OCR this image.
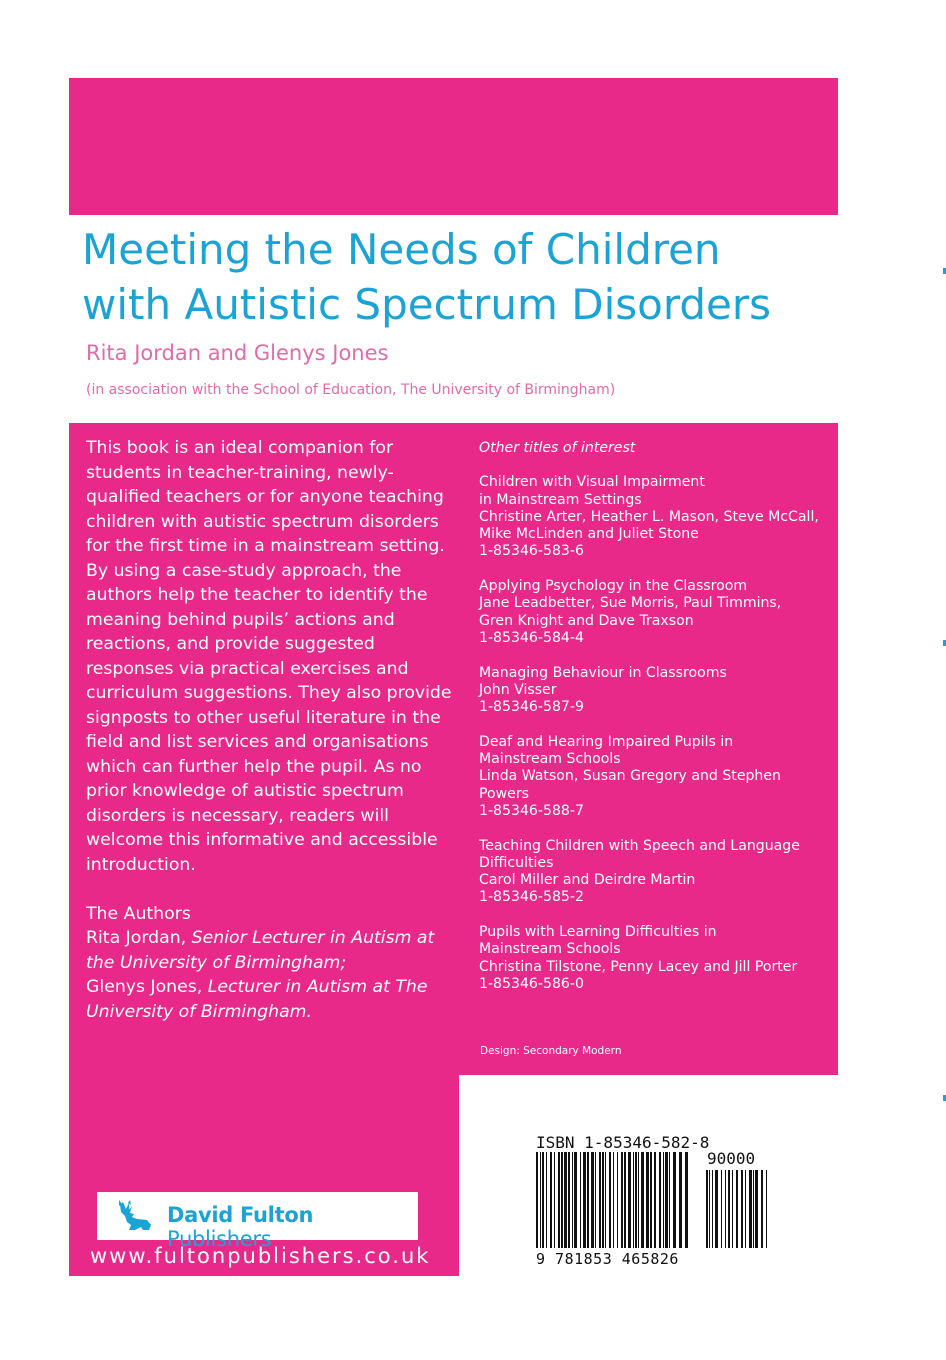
Meeting the Needs of Children
with Autistic Spectrum Disorders
Rita Jordan and Glenys Jones
(in association with the School of Education, The University of Birmingham)

This book is an ideal companion for students in teacher-training, newly-qualified teachers or for anyone teaching children with autistic spectrum disorders for the first time in a mainstream setting. By using a case-study approach, the authors help the teacher to identify the meaning behind pupils’ actions and reactions, and provide suggested responses via practical exercises and curriculum suggestions. They also provide signposts to other useful literature in the field and list services and organisations which can further help the pupil. As no prior knowledge of autistic spectrum disorders is necessary, readers will welcome this informative and accessible introduction.

The Authors
Rita Jordan, Senior Lecturer in Autism at the University of Birmingham;
Glenys Jones, Lecturer in Autism at The University of Birmingham.

Other titles of interest
Children with Visual Impairment
in Mainstream Settings
Christine Arter, Heather L. Mason, Steve McCall,
Mike McLinden and Juliet Stone
1-85346-583-6
Applying Psychology in the Classroom
Jane Leadbetter, Sue Morris, Paul Timmins,
Gren Knight and Dave Traxson
1-85346-584-4
Managing Behaviour in Classrooms
John Visser
1-85346-587-9
Deaf and Hearing Impaired Pupils in
Mainstream Schools
Linda Watson, Susan Gregory and Stephen Powers
1-85346-588-7
Teaching Children with Speech and Language
Difficulties
Carol Miller and Deirdre Martin
1-85346-585-2
Pupils with Learning Difficulties in
Mainstream Schools
Christina Tilstone, Penny Lacey and Jill Porter
1-85346-586-0
Design: Secondary Modern
David Fulton Publishers
www.fultonpublishers.co.uk
ISBN 1-85346-582-8
90000
9 781853 465826
